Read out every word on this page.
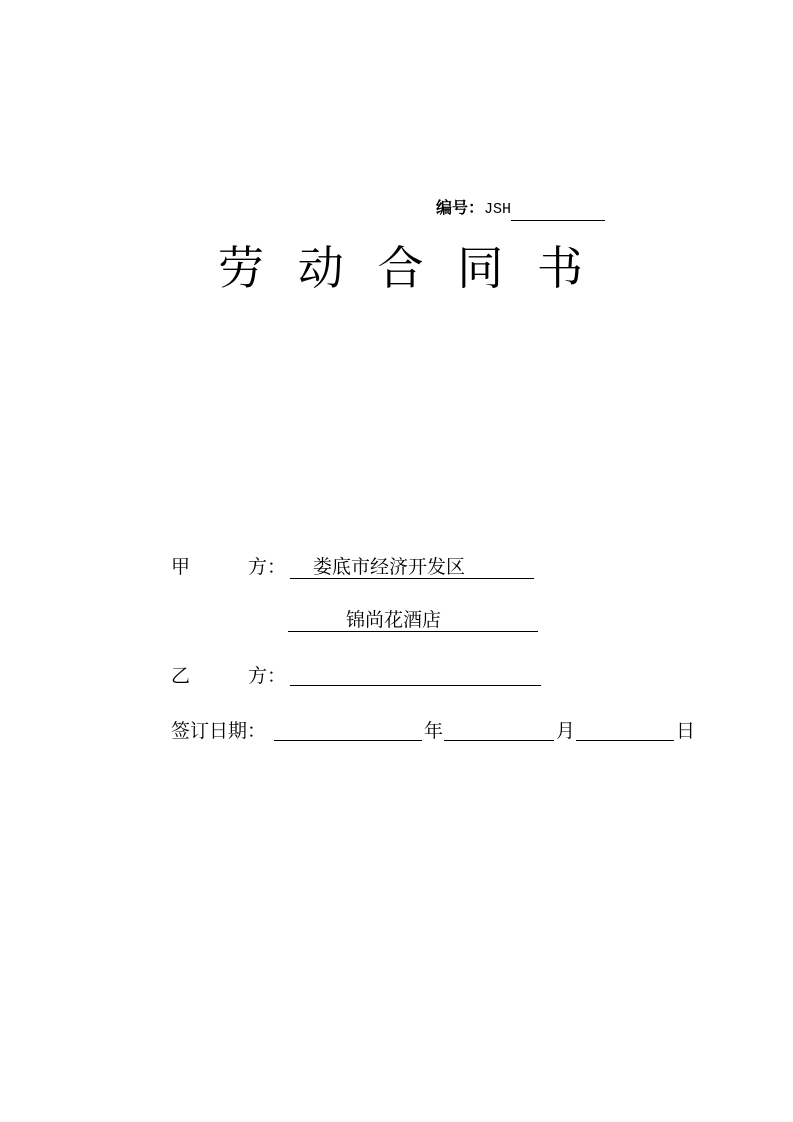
编号：JSH
劳 动 合 同 书
甲	方： 娄底市经济开发区
锦尚花酒店
乙	方：
签订日期：	年	月	日
